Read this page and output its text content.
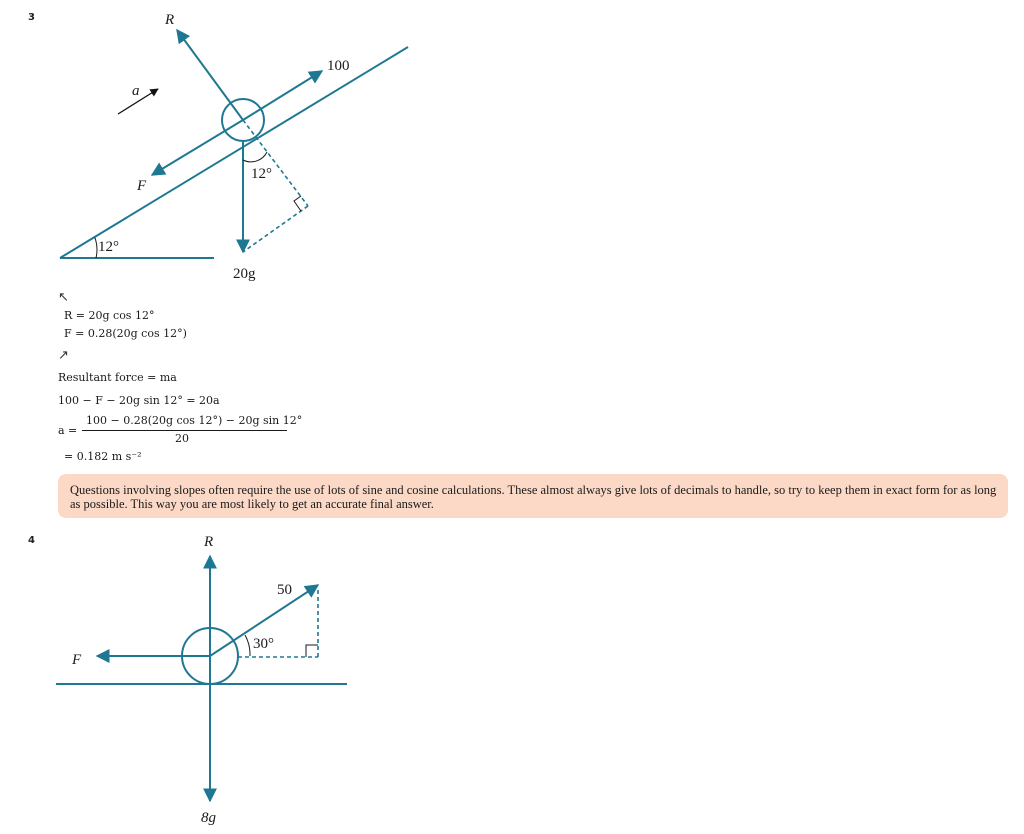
3	R
100
a
F
12°
12°
20g
R
50
30°
F
8g
↖
R = 20g cos 12°
F = 0.28(20g cos 12°)
↗
Resultant force = ma
100 − F − 20g sin 12° = 20a
a =
100 − 0.28(20g cos 12°) − 20g sin 12°
20
= 0.182 m s⁻²
Questions involving slopes often require the use of lots of sine and cosine calculations. These almost always give lots of decimals to handle, so try to keep them in exact form for as long as possible. This way you are most likely to get an accurate final answer.
4
